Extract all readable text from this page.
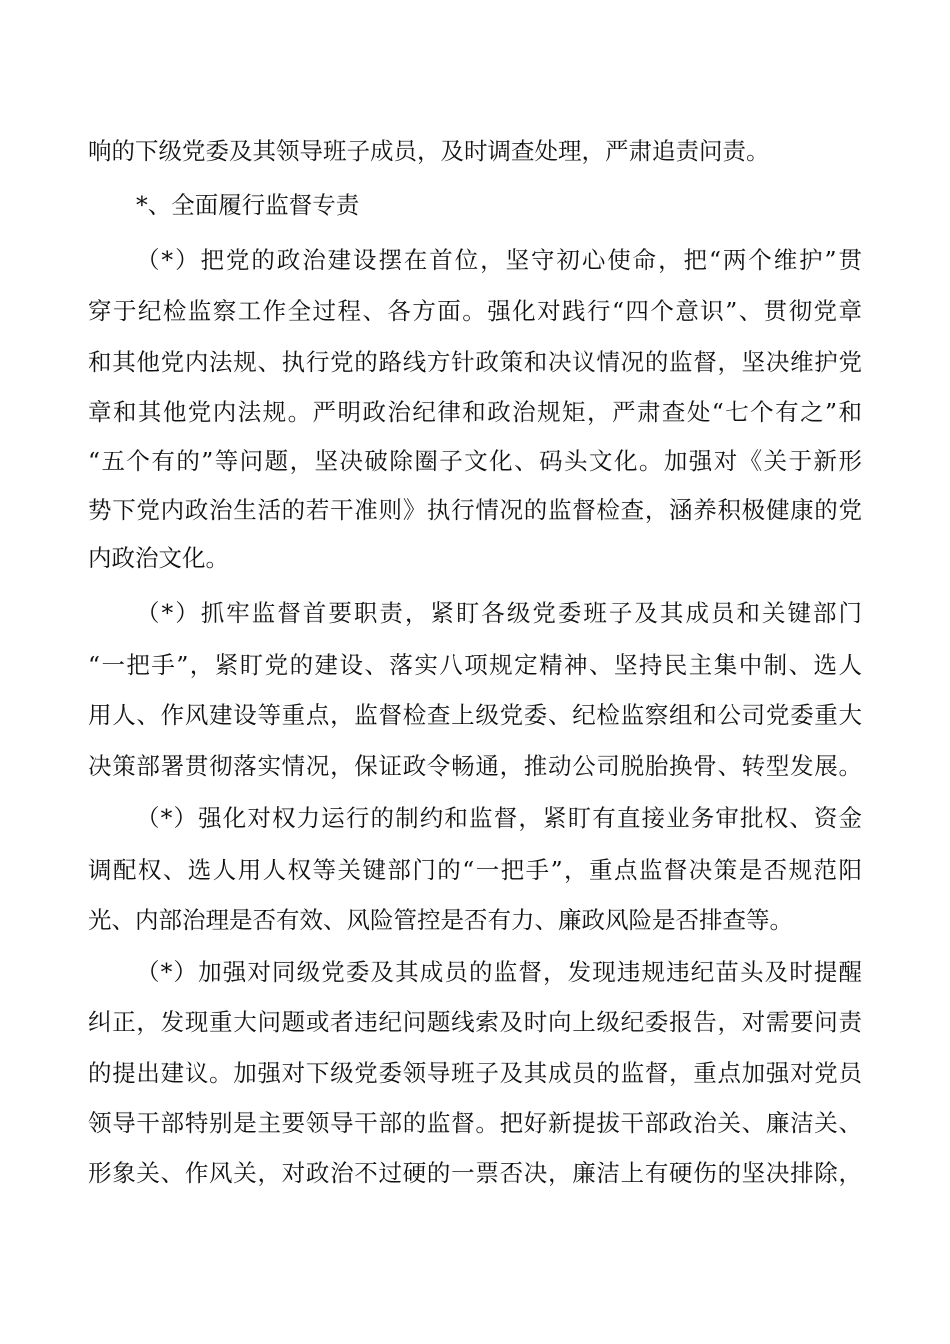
响的下级党委及其领导班子成员，及时调查处理，严肃追责问责。
*、全面履行监督专责
（*）把党的政治建设摆在首位，坚守初心使命，把“两个维护”贯
穿于纪检监察工作全过程、各方面。强化对践行“四个意识”、贯彻党章
和其他党内法规、执行党的路线方针政策和决议情况的监督，坚决维护党
章和其他党内法规。严明政治纪律和政治规矩，严肃查处“七个有之”和
“五个有的”等问题，坚决破除圈子文化、码头文化。加强对《关于新形
势下党内政治生活的若干准则》执行情况的监督检查，涵养积极健康的党
内政治文化。
（*）抓牢监督首要职责，紧盯各级党委班子及其成员和关键部门
“一把手”，紧盯党的建设、落实八项规定精神、坚持民主集中制、选人
用人、作风建设等重点，监督检查上级党委、纪检监察组和公司党委重大
决策部署贯彻落实情况，保证政令畅通，推动公司脱胎换骨、转型发展。
（*）强化对权力运行的制约和监督，紧盯有直接业务审批权、资金
调配权、选人用人权等关键部门的“一把手”，重点监督决策是否规范阳
光、内部治理是否有效、风险管控是否有力、廉政风险是否排查等。
（*）加强对同级党委及其成员的监督，发现违规违纪苗头及时提醒
纠正，发现重大问题或者违纪问题线索及时向上级纪委报告，对需要问责
的提出建议。加强对下级党委领导班子及其成员的监督，重点加强对党员
领导干部特别是主要领导干部的监督。把好新提拔干部政治关、廉洁关、
形象关、作风关，对政治不过硬的一票否决，廉洁上有硬伤的坚决排除，
